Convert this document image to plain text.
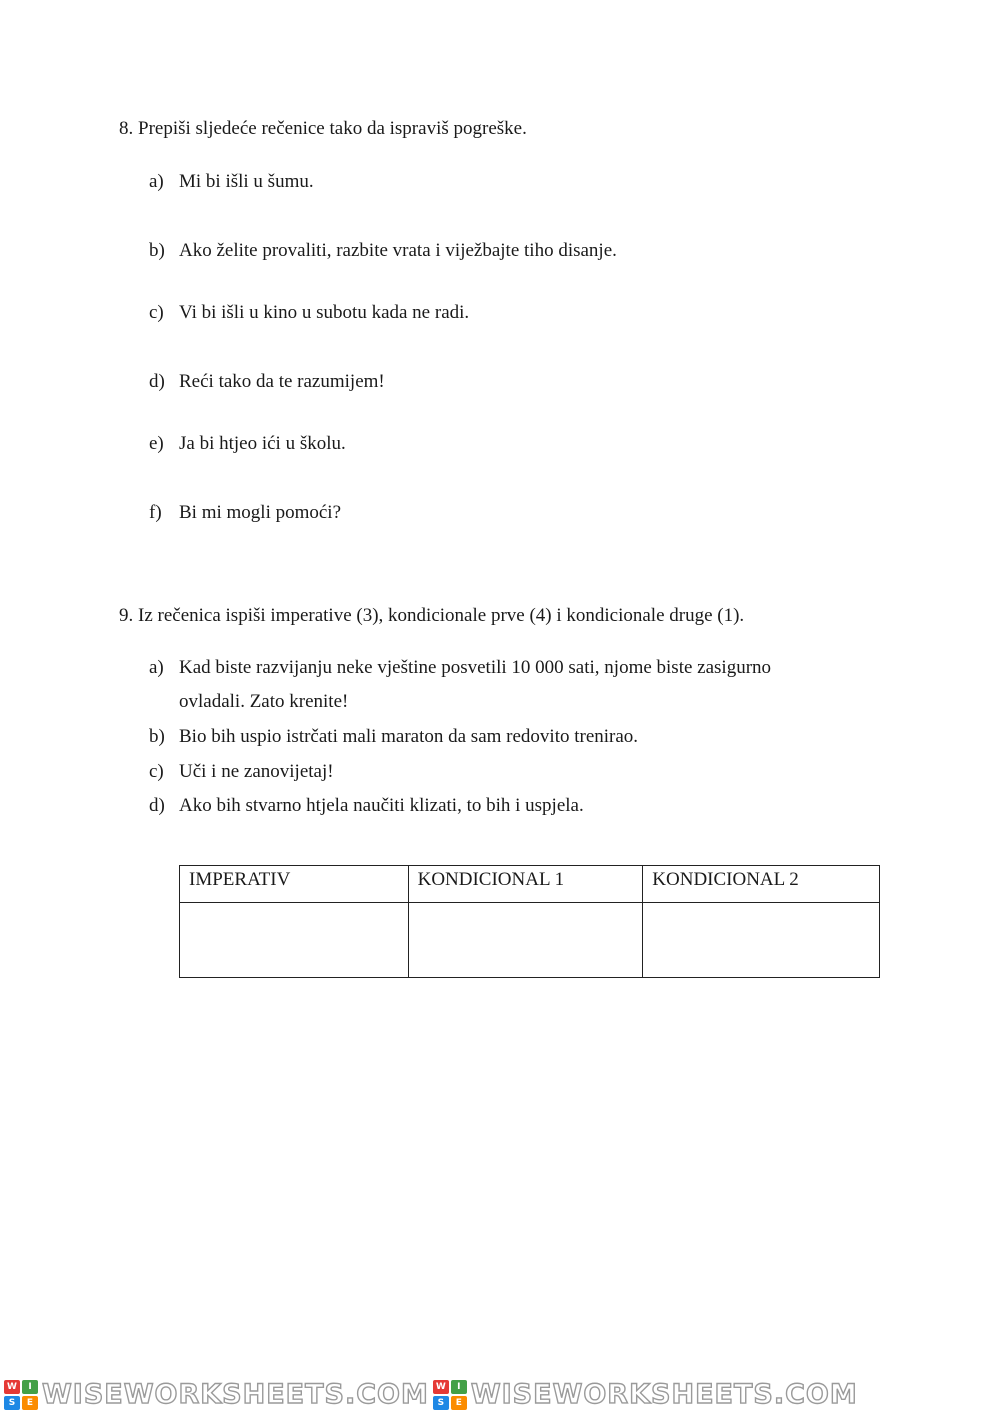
8. Prepiši sljedeće rečenice tako da ispraviš pogreške.
a) Mi bi išli u šumu.
b) Ako želite provaliti, razbite vrata i viježbajte tiho disanje.
c) Vi bi išli u kino u subotu kada ne radi.
d) Reći tako da te razumijem!
e) Ja bi htjeo ići u školu.
f) Bi mi mogli pomoći?
9. Iz rečenica ispiši imperative (3), kondicionale prve (4) i kondicionale druge (1).
a) Kad biste razvijanju neke vještine posvetili 10 000 sati, njome biste zasigurno
ovladali. Zato krenite!
b) Bio bih uspio istrčati mali maraton da sam redovito trenirao.
c) Uči i ne zanovijetaj!
d) Ako bih stvarno htjela naučiti klizati, to bih i uspjela.
IMPERATIV	KONDICIONAL 1	KONDICIONAL 2

W	I
S	E WISEWORKSHEETS.COM W	I
S	E WISEWORKSHEETS.COM
